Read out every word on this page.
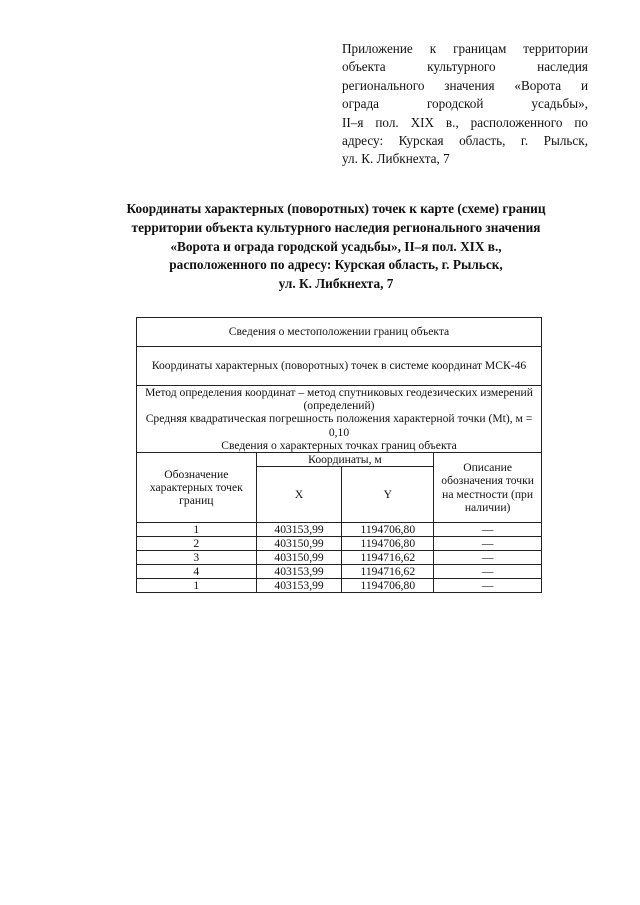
Приложение к границам территории
объекта культурного наследия
регионального значения «Ворота и
ограда городской усадьбы»,
II–я пол. XIX в., расположенного по
адресу: Курская область, г. Рыльск,
ул. К. Либкнехта, 7
Координаты характерных (поворотных) точек к карте (схеме) границ
территории объекта культурного наследия регионального значения
«Ворота и ограда городской усадьбы», II–я пол. XIX в.,
расположенного по адресу: Курская область, г. Рыльск,
ул. К. Либкнехта, 7
Сведения о местоположении границ объекта			
Координаты характерных (поворотных) точек в системе координат МСК-46			

Метод определения координат – метод спутниковых геодезических измерений (определений)
Средняя квадратическая погрешность положения характерной точки (Mt), м = 0,10
Сведения о характерных точках границ объекта			

Обозначение характерных точек границ	Координаты, м		Описание обозначения точки на местности (при наличии)
	X	Y	
1	403153,99	1194706,80	—
2	403150,99	1194706,80	—
3	403150,99	1194716,62	—
4	403153,99	1194716,62	—
1	403153,99	1194706,80	—
